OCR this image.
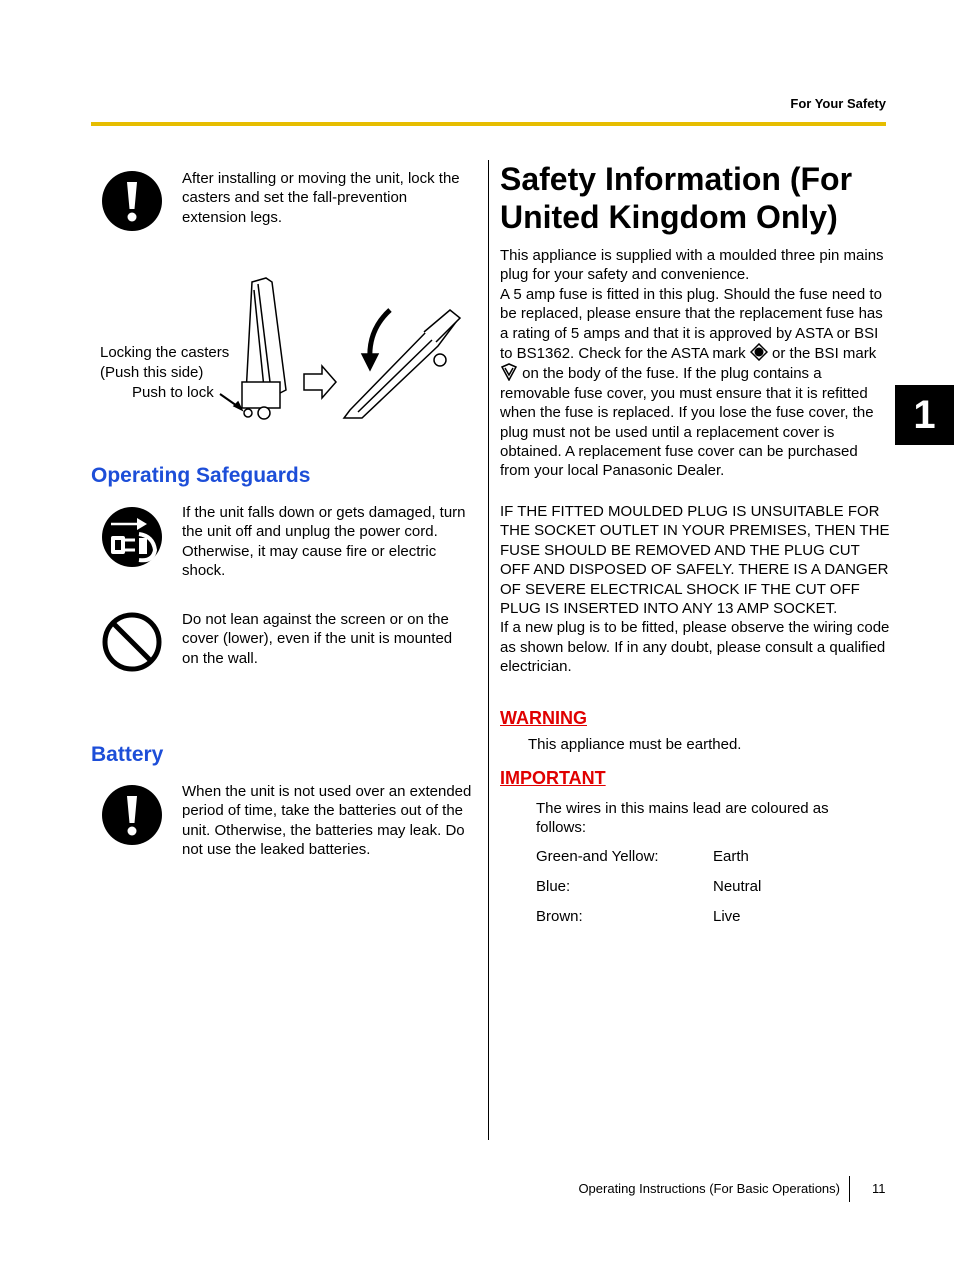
For Your Safety
1
After installing or moving the unit, lock the casters and set the fall-prevention extension legs.
Locking the casters
(Push this side)
Push to lock
Operating Safeguards
If the unit falls down or gets damaged, turn the unit off and unplug the power cord. Otherwise, it may cause fire or electric shock.
Do not lean against the screen or on the cover (lower), even if the unit is mounted on the wall.
Battery
When the unit is not used over an extended period of time, take the batteries out of the unit. Otherwise, the batteries may leak. Do not use the leaked batteries.
Safety Information (For
United Kingdom Only)
This appliance is supplied with a moulded three pin mains plug for your safety and convenience.
A 5 amp fuse is fitted in this plug. Should the fuse need to be replaced, please ensure that the replacement fuse has a rating of 5 amps and that it is approved by ASTA or BSI to BS1362. Check for the ASTA mark or the BSI mark  on the body of the fuse. If the plug contains a removable fuse cover, you must ensure that it is refitted when the fuse is replaced. If you lose the fuse cover, the plug must not be used until a replacement cover is obtained. A replacement fuse cover can be purchased from your local Panasonic Dealer.
IF THE FITTED MOULDED PLUG IS UNSUITABLE FOR THE SOCKET OUTLET IN YOUR PREMISES, THEN THE FUSE SHOULD BE REMOVED AND THE PLUG CUT OFF AND DISPOSED OF SAFELY. THERE IS A DANGER OF SEVERE ELECTRICAL SHOCK IF THE CUT OFF PLUG IS INSERTED INTO ANY 13 AMP SOCKET.
If a new plug is to be fitted, please observe the wiring code as shown below. If in any doubt, please consult a qualified electrician.
WARNING
This appliance must be earthed.
IMPORTANT
The wires in this mains lead are coloured as follows:
Green-and Yellow:	Earth
Blue:	Neutral
Brown:	Live
Operating Instructions (For Basic Operations) 11
